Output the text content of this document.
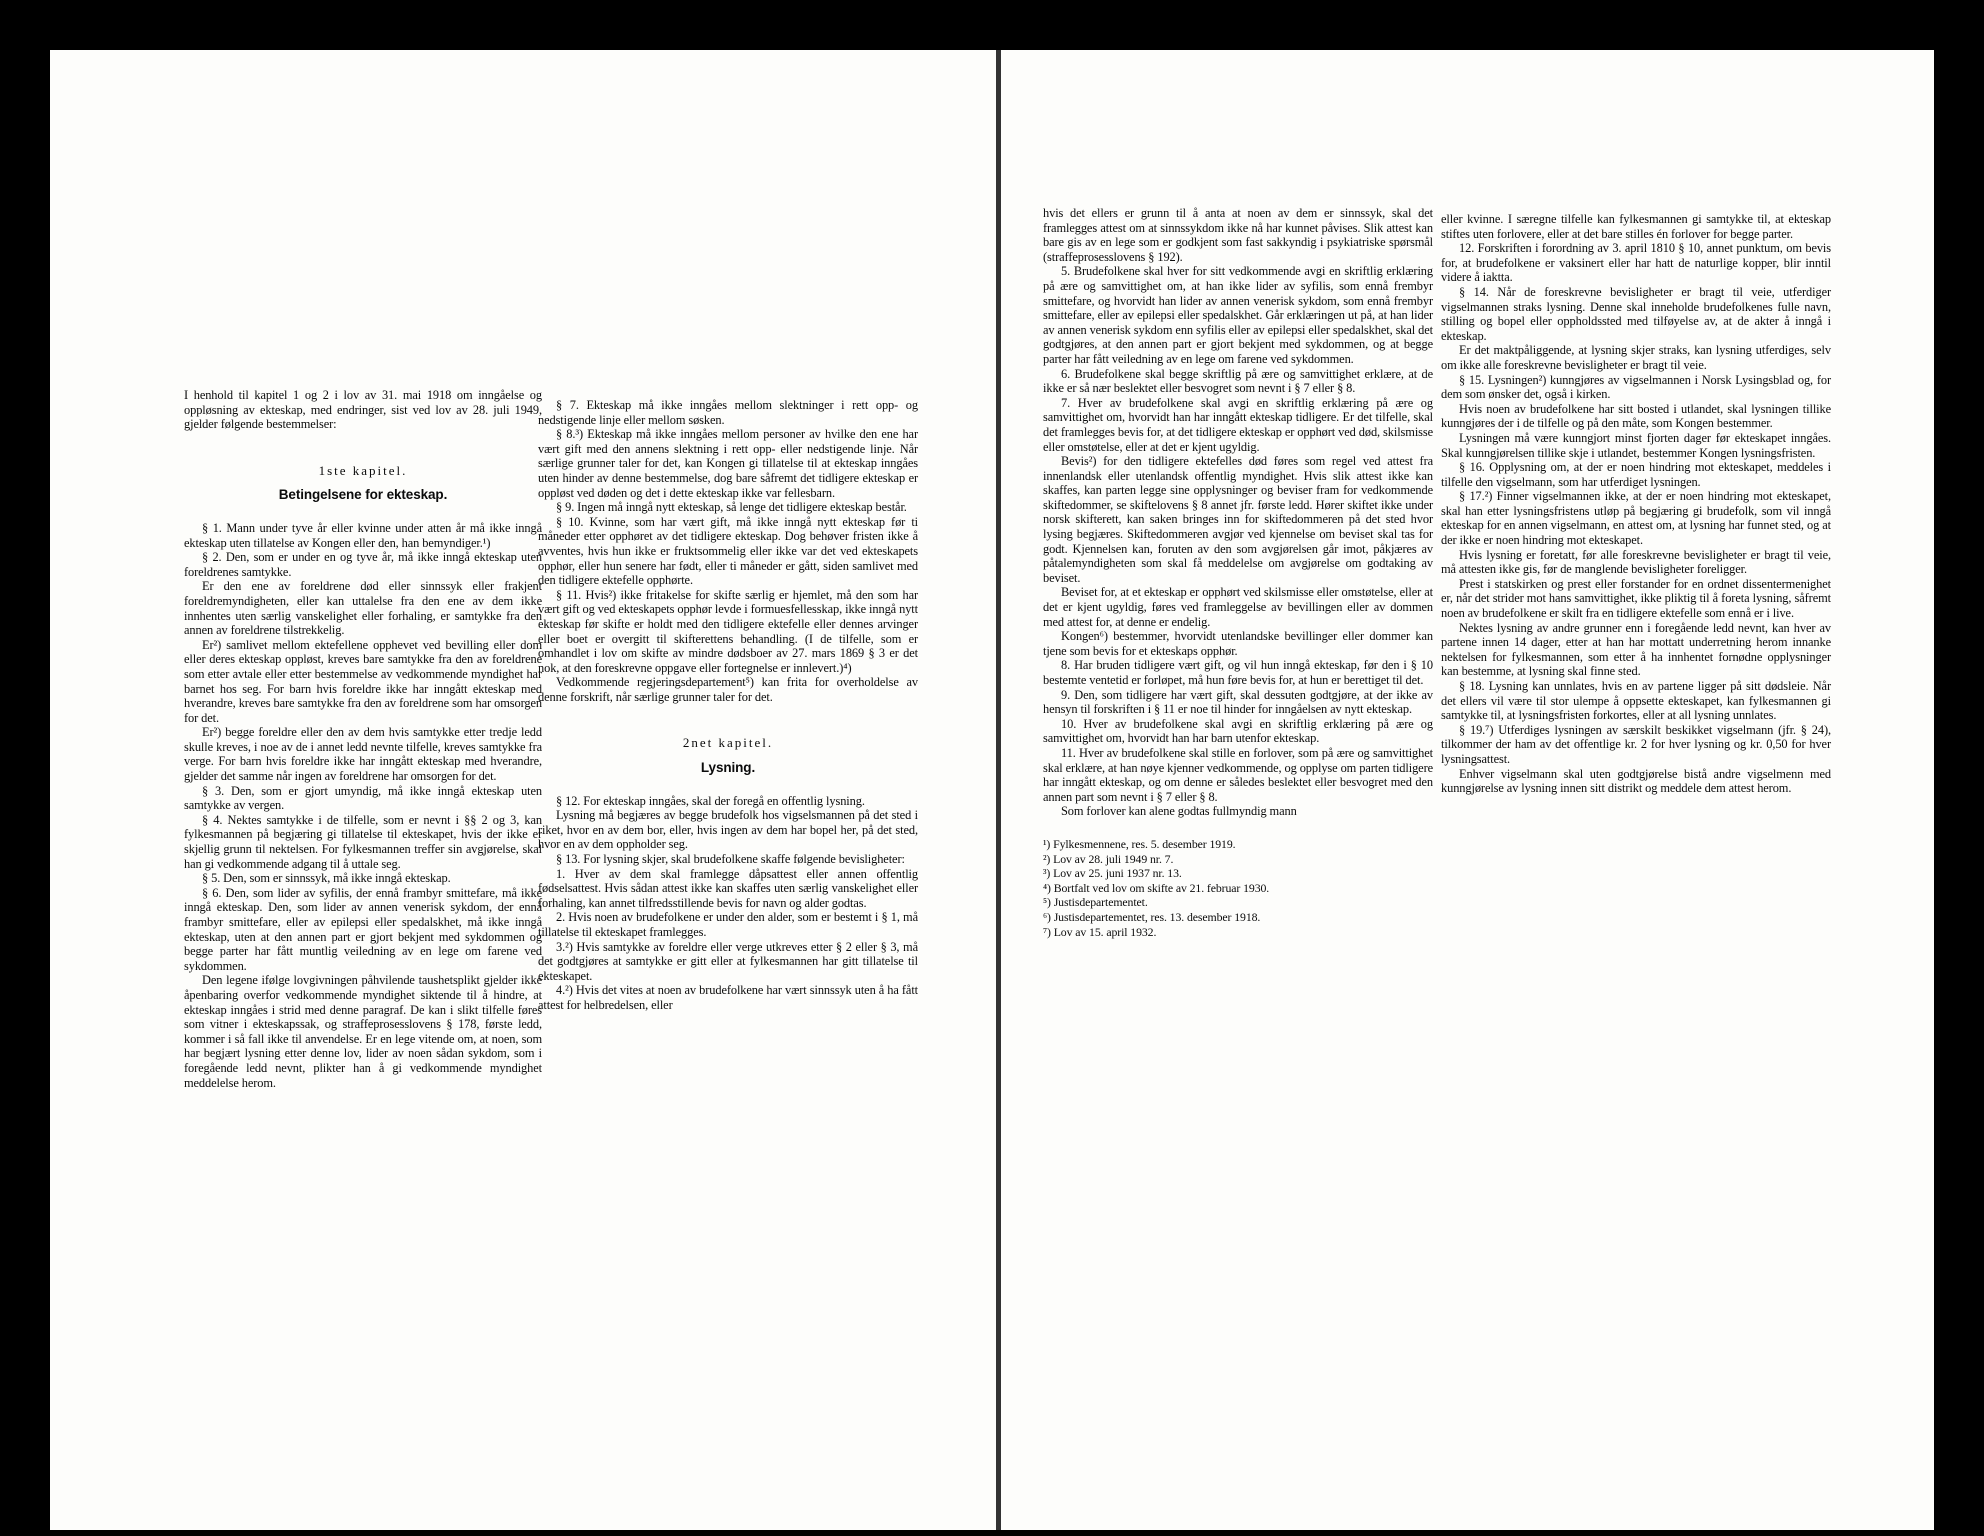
I henhold til kapitel 1 og 2 i lov av 31. mai 1918 om inngåelse og oppløsning av ekteskap, med endringer, sist ved lov av 28. juli 1949, gjelder følgende bestemmelser:

1ste kapitel.
Betingelsene for ekteskap.

§ 1. Mann under tyve år eller kvinne under atten år må ikke inngå ekteskap uten tillatelse av Kongen eller den, han bemyndiger.¹)

§ 2. Den, som er under en og tyve år, må ikke inngå ekteskap uten foreldrenes samtykke.

Er den ene av foreldrene død eller sinnssyk eller frakjent foreldremyndigheten, eller kan uttalelse fra den ene av dem ikke innhentes uten særlig vanskelighet eller forhaling, er samtykke fra den annen av foreldrene tilstrekkelig.

Er²) samlivet mellom ektefellene opphevet ved bevilling eller dom eller deres ekteskap oppløst, kreves bare samtykke fra den av foreldrene som etter avtale eller etter bestemmelse av vedkommende myndighet har barnet hos seg. For barn hvis foreldre ikke har inngått ekteskap med hverandre, kreves bare samtykke fra den av foreldrene som har omsorgen for det.

Er²) begge foreldre eller den av dem hvis samtykke etter tredje ledd skulle kreves, i noe av de i annet ledd nevnte tilfelle, kreves samtykke fra verge. For barn hvis foreldre ikke har inngått ekteskap med hverandre, gjelder det samme når ingen av foreldrene har omsorgen for det.

§ 3. Den, som er gjort umyndig, må ikke inngå ekteskap uten samtykke av vergen.

§ 4. Nektes samtykke i de tilfelle, som er nevnt i §§ 2 og 3, kan fylkesmannen på begjæring gi tillatelse til ekteskapet, hvis der ikke er skjellig grunn til nektelsen. For fylkesmannen treffer sin avgjørelse, skal han gi vedkommende adgang til å uttale seg.

§ 5. Den, som er sinnssyk, må ikke inngå ekteskap.

§ 6. Den, som lider av syfilis, der ennå frambyr smittefare, må ikke inngå ekteskap. Den, som lider av annen venerisk sykdom, der ennå frambyr smittefare, eller av epilepsi eller spedalskhet, må ikke inngå ekteskap, uten at den annen part er gjort bekjent med sykdommen og begge parter har fått muntlig veiledning av en lege om farene ved sykdommen.

Den legene ifølge lovgivningen påhvilende taushetsplikt gjelder ikke åpenbaring overfor vedkommende myndighet siktende til å hindre, at ekteskap inngåes i strid med denne paragraf. De kan i slikt tilfelle føres som vitner i ekteskapssak, og straffeprosesslovens § 178, første ledd, kommer i så fall ikke til anvendelse. Er en lege vitende om, at noen, som har begjært lysning etter denne lov, lider av noen sådan sykdom, som i foregående ledd nevnt, plikter han å gi vedkommende myndighet meddelelse herom.

§ 7. Ekteskap må ikke inngåes mellom slektninger i rett opp- og nedstigende linje eller mellom søsken.

§ 8.³) Ekteskap må ikke inngåes mellom personer av hvilke den ene har vært gift med den annens slektning i rett opp- eller nedstigende linje. Når særlige grunner taler for det, kan Kongen gi tillatelse til at ekteskap inngåes uten hinder av denne bestemmelse, dog bare såfremt det tidligere ekteskap er oppløst ved døden og det i dette ekteskap ikke var fellesbarn.

§ 9. Ingen må inngå nytt ekteskap, så lenge det tidligere ekteskap består.

§ 10. Kvinne, som har vært gift, må ikke inngå nytt ekteskap før ti måneder etter opphøret av det tidligere ekteskap. Dog behøver fristen ikke å avventes, hvis hun ikke er fruktsommelig eller ikke var det ved ekteskapets opphør, eller hun senere har født, eller ti måneder er gått, siden samlivet med den tidligere ektefelle opphørte.

§ 11. Hvis²) ikke fritakelse for skifte særlig er hjemlet, må den som har vært gift og ved ekteskapets opphør levde i formuesfellesskap, ikke inngå nytt ekteskap før skifte er holdt med den tidligere ektefelle eller dennes arvinger eller boet er overgitt til skifterettens behandling. (I de tilfelle, som er omhandlet i lov om skifte av mindre dødsboer av 27. mars 1869 § 3 er det nok, at den foreskrevne oppgave eller fortegnelse er innlevert.)⁴)

Vedkommende regjeringsdepartement⁵) kan frita for overholdelse av denne forskrift, når særlige grunner taler for det.

2net kapitel.
Lysning.

§ 12. For ekteskap inngåes, skal der foregå en offentlig lysning.

Lysning må begjæres av begge brudefolk hos vigselsmannen på det sted i riket, hvor en av dem bor, eller, hvis ingen av dem har bopel her, på det sted, hvor en av dem oppholder seg.

§ 13. For lysning skjer, skal brudefolkene skaffe følgende bevisligheter:

1. Hver av dem skal framlegge dåpsattest eller annen offentlig fødselsattest. Hvis sådan attest ikke kan skaffes uten særlig vanskelighet eller forhaling, kan annet tilfredsstillende bevis for navn og alder godtas.

2. Hvis noen av brudefolkene er under den alder, som er bestemt i § 1, må tillatelse til ekteskapet framlegges.

3.²) Hvis samtykke av foreldre eller verge utkreves etter § 2 eller § 3, må det godtgjøres at samtykke er gitt eller at fylkesmannen har gitt tillatelse til ekteskapet.

4.²) Hvis det vites at noen av brudefolkene har vært sinnssyk uten å ha fått attest for helbredelsen, eller

hvis det ellers er grunn til å anta at noen av dem er sinnssyk, skal det framlegges attest om at sinnssykdom ikke nå har kunnet påvises. Slik attest kan bare gis av en lege som er godkjent som fast sakkyndig i psykiatriske spørsmål (straffeprosesslovens § 192).

5. Brudefolkene skal hver for sitt vedkommende avgi en skriftlig erklæring på ære og samvittighet om, at han ikke lider av syfilis, som ennå frembyr smittefare, og hvorvidt han lider av annen venerisk sykdom, som ennå frembyr smittefare, eller av epilepsi eller spedalskhet. Går erklæringen ut på, at han lider av annen venerisk sykdom enn syfilis eller av epilepsi eller spedalskhet, skal det godtgjøres, at den annen part er gjort bekjent med sykdommen, og at begge parter har fått veiledning av en lege om farene ved sykdommen.

6. Brudefolkene skal begge skriftlig på ære og samvittighet erklære, at de ikke er så nær beslektet eller besvogret som nevnt i § 7 eller § 8.

7. Hver av brudefolkene skal avgi en skriftlig erklæring på ære og samvittighet om, hvorvidt han har inngått ekteskap tidligere. Er det tilfelle, skal det framlegges bevis for, at det tidligere ekteskap er opphørt ved død, skilsmisse eller omstøtelse, eller at det er kjent ugyldig.

Bevis²) for den tidligere ektefelles død føres som regel ved attest fra innenlandsk eller utenlandsk offentlig myndighet. Hvis slik attest ikke kan skaffes, kan parten legge sine opplysninger og beviser fram for vedkommende skiftedommer, se skiftelovens § 8 annet jfr. første ledd. Hører skiftet ikke under norsk skifterett, kan saken bringes inn for skiftedommeren på det sted hvor lysing begjæres. Skiftedommeren avgjør ved kjennelse om beviset skal tas for godt. Kjennelsen kan, foruten av den som avgjørelsen går imot, påkjæres av påtalemyndigheten som skal få meddelelse om avgjørelse om godtaking av beviset.

Beviset for, at et ekteskap er opphørt ved skilsmisse eller omstøtelse, eller at det er kjent ugyldig, føres ved framleggelse av bevillingen eller av dommen med attest for, at denne er endelig.

Kongen⁶) bestemmer, hvorvidt utenlandske bevillinger eller dommer kan tjene som bevis for et ekteskaps opphør.

8. Har bruden tidligere vært gift, og vil hun inngå ekteskap, før den i § 10 bestemte ventetid er forløpet, må hun føre bevis for, at hun er berettiget til det.

9. Den, som tidligere har vært gift, skal dessuten godtgjøre, at der ikke av hensyn til forskriften i § 11 er noe til hinder for inngåelsen av nytt ekteskap.

10. Hver av brudefolkene skal avgi en skriftlig erklæring på ære og samvittighet om, hvorvidt han har barn utenfor ekteskap.

11. Hver av brudefolkene skal stille en forlover, som på ære og samvittighet skal erklære, at han nøye kjenner vedkommende, og opplyse om parten tidligere har inngått ekteskap, og om denne er således beslektet eller besvogret med den annen part som nevnt i § 7 eller § 8.

Som forlover kan alene godtas fullmyndig mann

¹) Fylkesmennene, res. 5. desember 1919.
²) Lov av 28. juli 1949 nr. 7.
³) Lov av 25. juni 1937 nr. 13.
⁴) Bortfalt ved lov om skifte av 21. februar 1930.
⁵) Justisdepartementet.
⁶) Justisdepartementet, res. 13. desember 1918.
⁷) Lov av 15. april 1932.

eller kvinne. I særegne tilfelle kan fylkesmannen gi samtykke til, at ekteskap stiftes uten forlovere, eller at det bare stilles én forlover for begge parter.

12. Forskriften i forordning av 3. april 1810 § 10, annet punktum, om bevis for, at brudefolkene er vaksinert eller har hatt de naturlige kopper, blir inntil videre å iaktta.

§ 14. Når de foreskrevne bevisligheter er bragt til veie, utferdiger vigselmannen straks lysning. Denne skal inneholde brudefolkenes fulle navn, stilling og bopel eller oppholdssted med tilføyelse av, at de akter å inngå i ekteskap.

Er det maktpåliggende, at lysning skjer straks, kan lysning utferdiges, selv om ikke alle foreskrevne bevisligheter er bragt til veie.

§ 15. Lysningen²) kunngjøres av vigselmannen i Norsk Lysingsblad og, for dem som ønsker det, også i kirken.

Hvis noen av brudefolkene har sitt bosted i utlandet, skal lysningen tillike kunngjøres der i de tilfelle og på den måte, som Kongen bestemmer.

Lysningen må være kunngjort minst fjorten dager før ekteskapet inngåes. Skal kunngjørelsen tillike skje i utlandet, bestemmer Kongen lysningsfristen.

§ 16. Opplysning om, at der er noen hindring mot ekteskapet, meddeles i tilfelle den vigselmann, som har utferdiget lysningen.

§ 17.²) Finner vigselmannen ikke, at der er noen hindring mot ekteskapet, skal han etter lysningsfristens utløp på begjæring gi brudefolk, som vil inngå ekteskap for en annen vigselmann, en attest om, at lysning har funnet sted, og at der ikke er noen hindring mot ekteskapet.

Hvis lysning er foretatt, før alle foreskrevne bevisligheter er bragt til veie, må attesten ikke gis, før de manglende bevisligheter foreligger.

Prest i statskirken og prest eller forstander for en ordnet dissentermenighet er, når det strider mot hans samvittighet, ikke pliktig til å foreta lysning, såfremt noen av brudefolkene er skilt fra en tidligere ektefelle som ennå er i live.

Nektes lysning av andre grunner enn i foregående ledd nevnt, kan hver av partene innen 14 dager, etter at han har mottatt underretning herom innanke nektelsen for fylkesmannen, som etter å ha innhentet fornødne opplysninger kan bestemme, at lysning skal finne sted.

§ 18. Lysning kan unnlates, hvis en av partene ligger på sitt dødsleie. Når det ellers vil være til stor ulempe å oppsette ekteskapet, kan fylkesmannen gi samtykke til, at lysningsfristen forkortes, eller at all lysning unnlates.

§ 19.⁷) Utferdiges lysningen av særskilt beskikket vigselmann (jfr. § 24), tilkommer der ham av det offentlige kr. 2 for hver lysning og kr. 0,50 for hver lysningsattest.

Enhver vigselmann skal uten godtgjørelse bistå andre vigselmenn med kunngjørelse av lysning innen sitt distrikt og meddele dem attest herom.
